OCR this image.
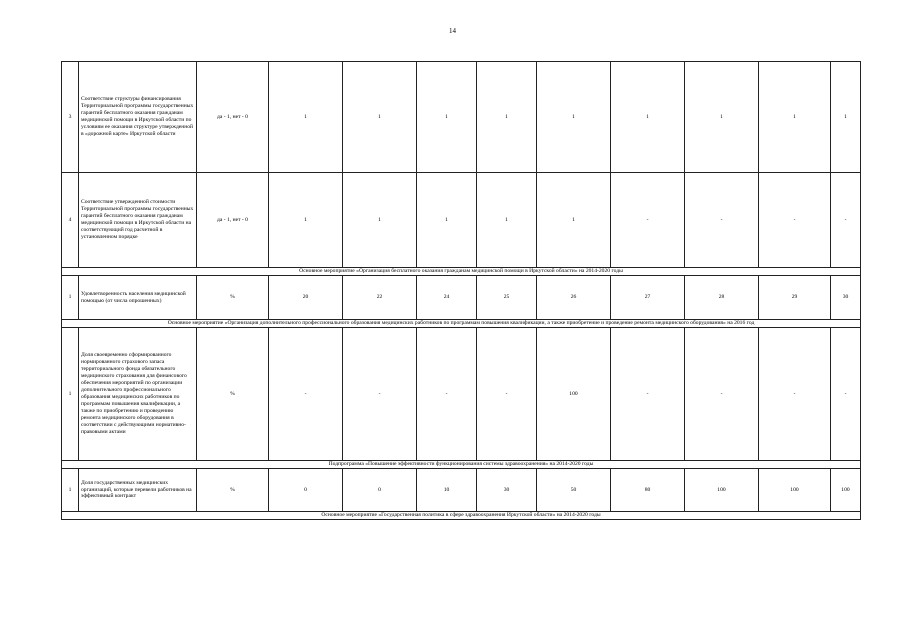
14
3	Соответствие структуры финансирования Территориальной программы государственных гарантий бесплатного оказания гражданам медицинской помощи в Иркутской области по условиям ее оказания структуре утвержденной в «дорожной карте» Иркутской области	да - 1, нет - 0	1	1	1	1	1	1	1	1	1	
4	Соответствие утвержденной стоимости Территориальной программы государственных гарантий бесплатного оказания гражданам медицинской помощи в Иркутской области на соответствующий год расчетной в установленном порядке	да - 1, нет - 0	1	1	1	1	1	-	-	-	-	
Основное мероприятие «Организация бесплатного оказания гражданам медицинской помощи в Иркутской области» на 2014-2020 годы												
1	Удовлетворенность населения медицинской помощью (от числа опрошенных)	%	20	22	24	25	26	27	28	29	30	
Основное мероприятие «Организация дополнительного профессионального образования медицинских работников по программам повышения квалификации, а также приобретение и проведение ремонта медицинского оборудования» на 2016 год												
1	Доля своевременно сформированного нормированного страхового запаса территориального фонда обязательного медицинского страхования для финансового обеспечения мероприятий по организации дополнительного профессионального образования медицинских работников по программам повышения квалификации, а также по приобретению и проведению ремонта медицинского оборудования в соответствии с действующими нормативно-правовыми актами	%	-	-	-	-	100	-	-	-	-	
Подпрограмма «Повышение эффективности функционирования системы здравоохранения» на 2014-2020 годы												
1	Доля государственных медицинских организаций, которые перевели работников на эффективный контракт	%	0	0	10	30	50	80	100	100	100	
Основное мероприятие «Государственная политика в сфере здравоохранения Иркутской области» на 2014-2020 годы												
